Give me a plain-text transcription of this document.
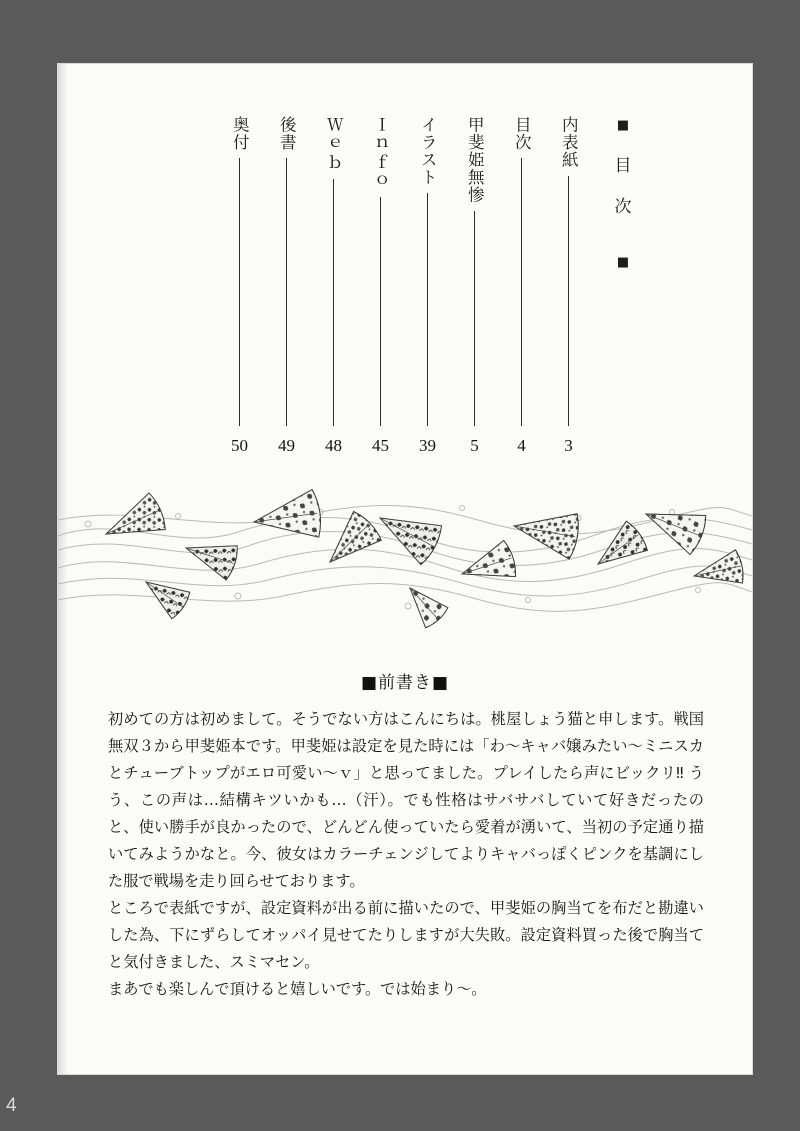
4
■
目
次
■
奥付
50
後書
49
Ｗｅｂ
48
Ｉｎｆｏ
45
イラスト
39
甲斐姫無惨
5
目次
4
内表紙
3
■前書き■

初めての方は初めまして。そうでない方はこんにちは。桃屋しょう猫と申します。戦国無双３から甲斐姫本です。甲斐姫は設定を見た時には「わ〜キャバ嬢みたい〜ミニスカとチューブトップがエロ可愛い〜ｖ」と思ってました。プレイしたら声にビックリ‼ うう、この声は…結構キツいかも…（汗）。でも性格はサバサバしていて好きだったのと、使い勝手が良かったので、どんどん使っていたら愛着が湧いて、当初の予定通り描いてみようかなと。今、彼女はカラーチェンジしてよりキャバっぽくピンクを基調にした服で戦場を走り回らせております。

ところで表紙ですが、設定資料が出る前に描いたので、甲斐姫の胸当てを布だと勘違いした為、下にずらしてオッパイ見せてたりしますが大失敗。設定資料買った後で胸当てと気付きました、スミマセン。

まあでも楽しんで頂けると嬉しいです。では始まり〜。
